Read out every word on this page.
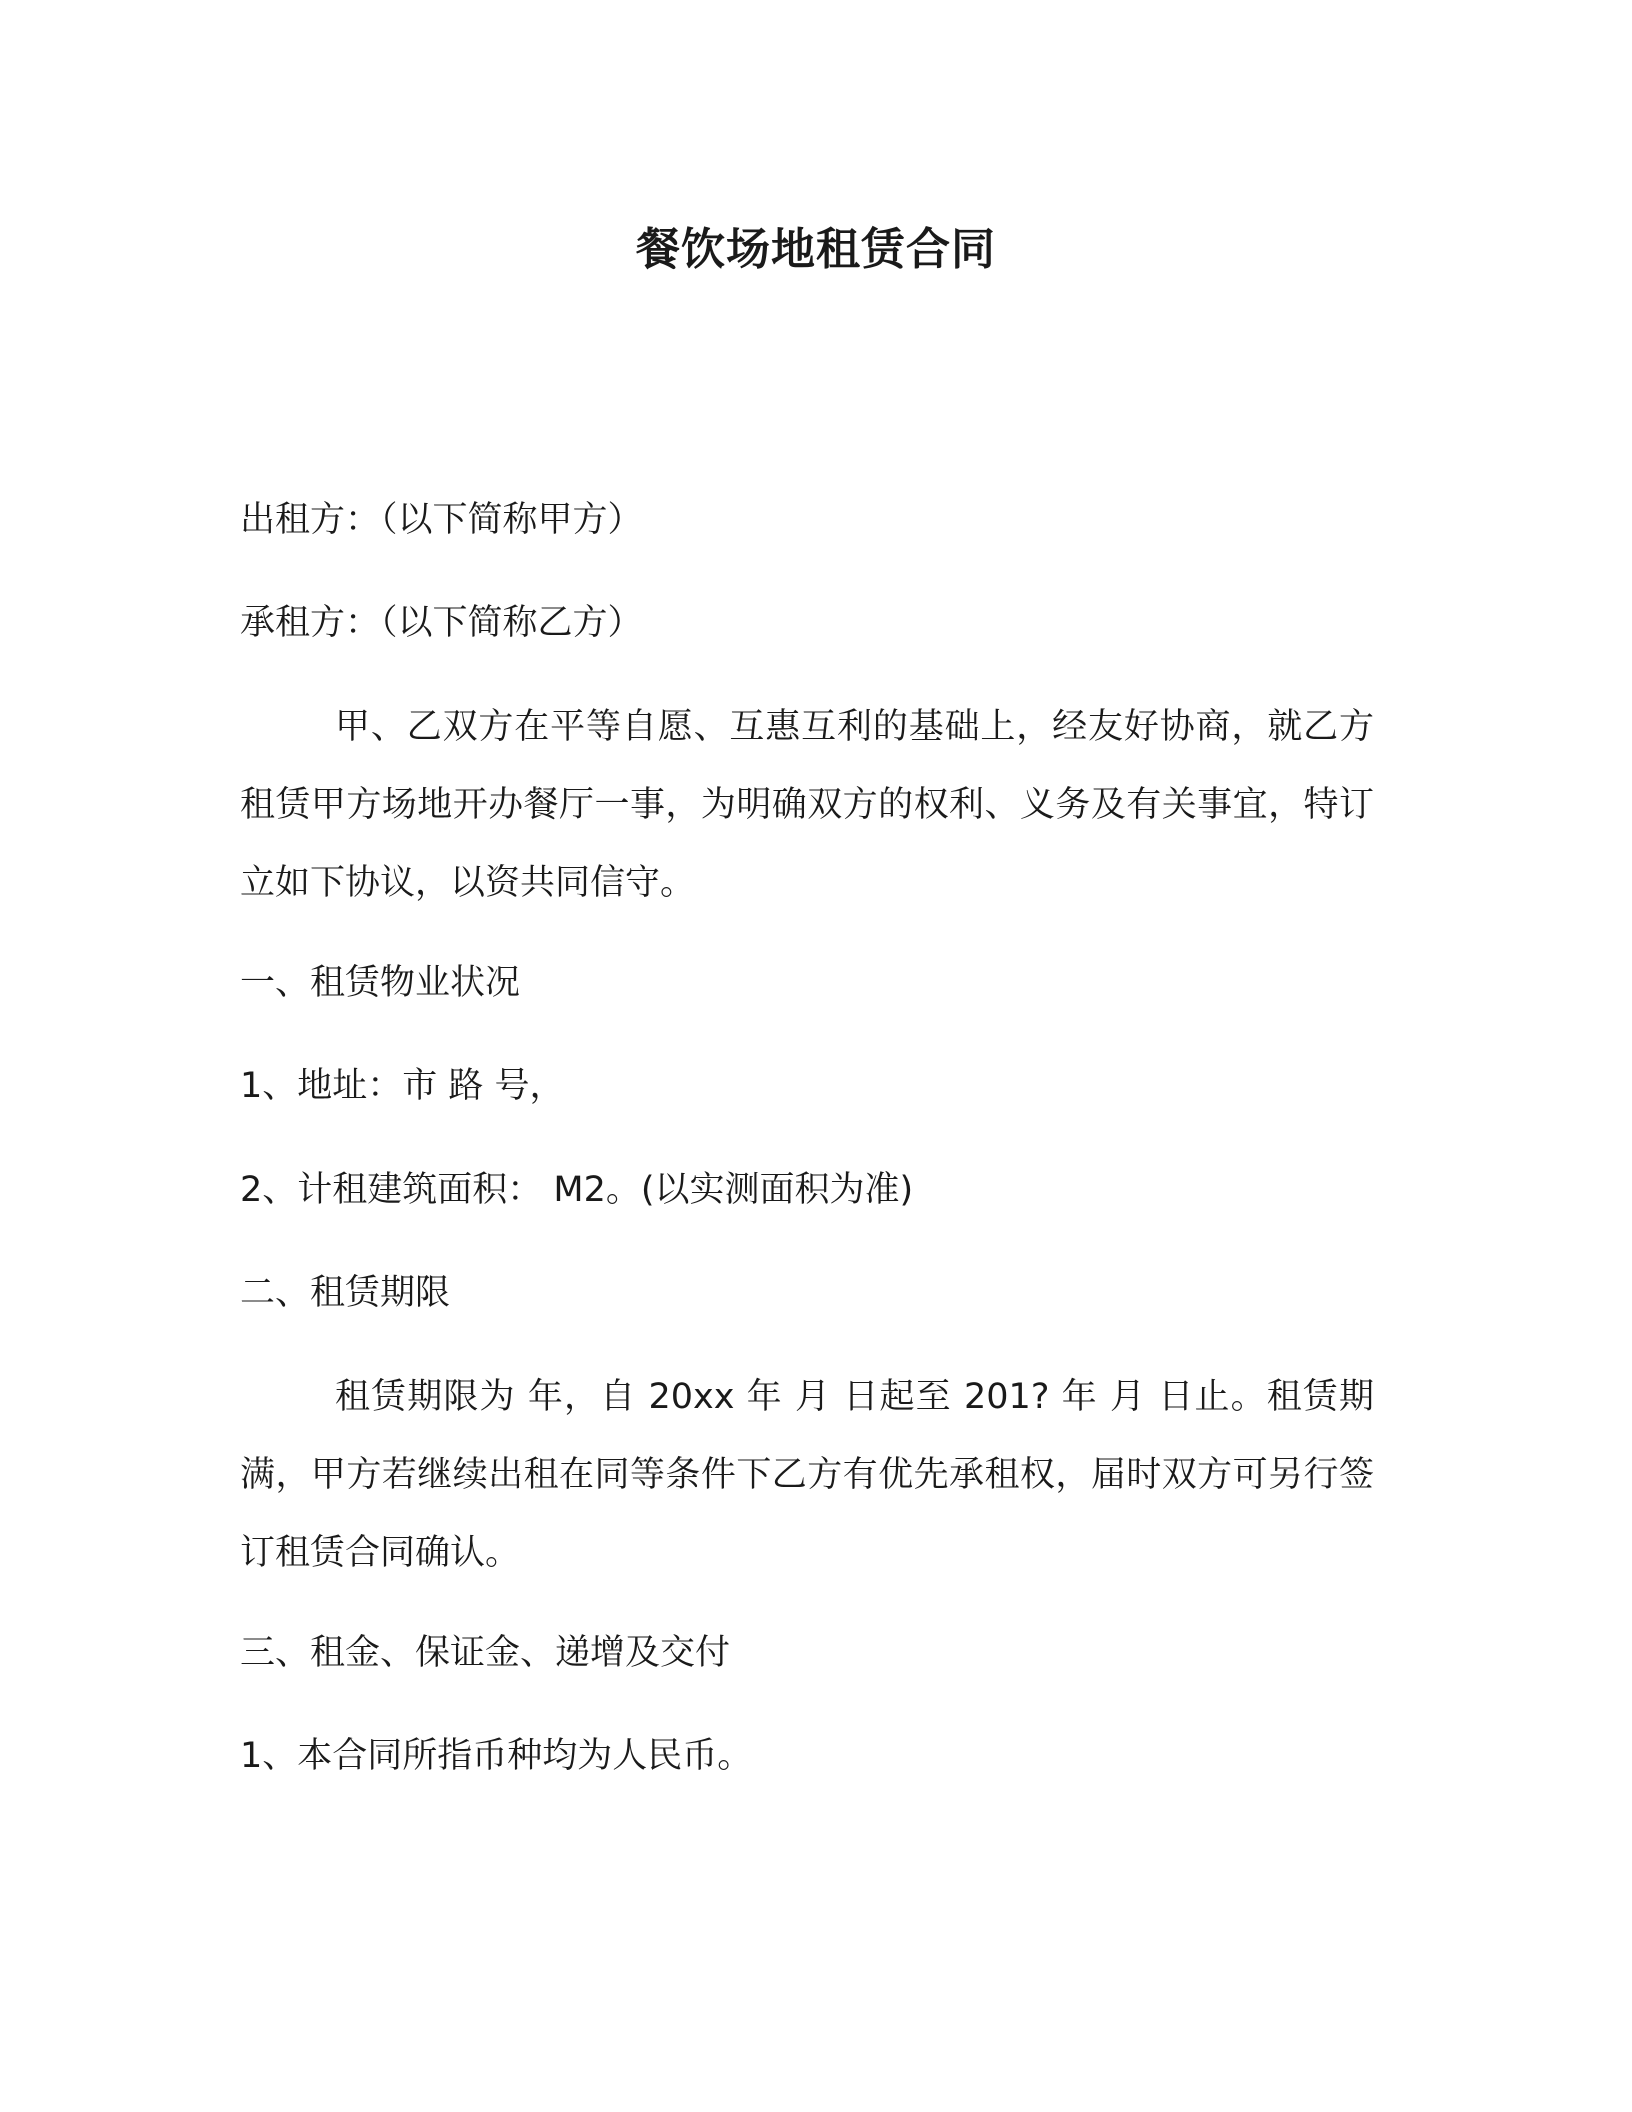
餐饮场地租赁合同
出租方：（以下简称甲方）
承租方：（以下简称乙方）
甲、乙双方在平等自愿、互惠互利的基础上，经友好协商，就乙方租赁甲方场地开办餐厅一事，为明确双方的权利、义务及有关事宜，特订立如下协议，以资共同信守。
一、租赁物业状况
1、地址：市 路 号，
2、计租建筑面积： M2。(以实测面积为准)
二、租赁期限
租赁期限为 年，自 20xx 年 月 日起至 201? 年 月 日止。租赁期满，甲方若继续出租在同等条件下乙方有优先承租权，届时双方可另行签订租赁合同确认。
三、租金、保证金、递增及交付
1、本合同所指币种均为人民币。
